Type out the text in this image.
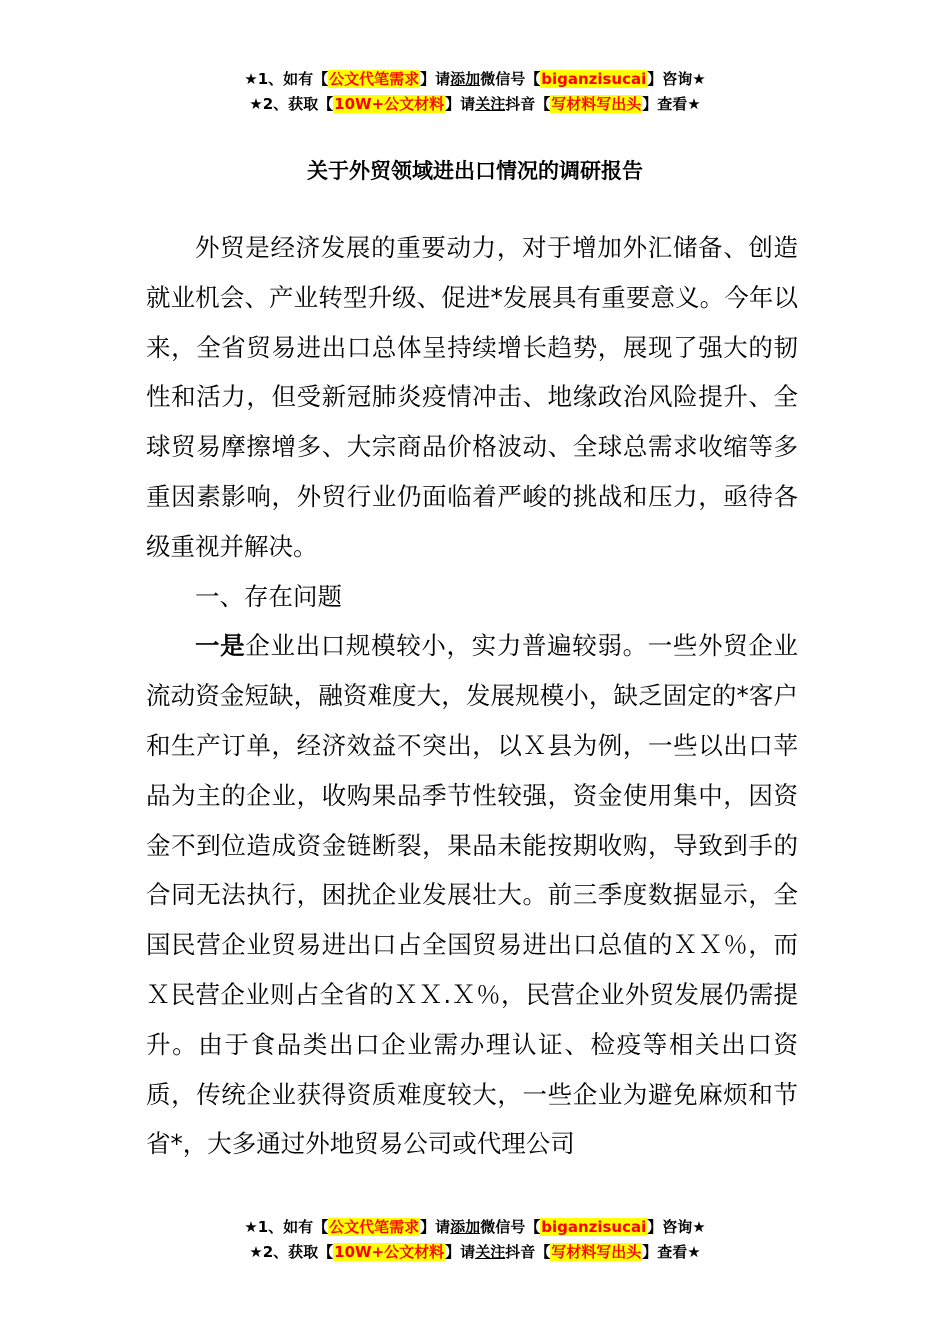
★1、如有【公文代笔需求】请添加微信号【biganzisucai】咨询★
★2、获取【10W+公文材料】请关注抖音【写材料写出头】查看★
关于外贸领域进出口情况的调研报告

外贸是经济发展的重要动力，对于增加外汇储备、创造就业机会、产业转型升级、促进*发展具有重要意义。今年以来，全省贸易进出口总体呈持续增长趋势，展现了强大的韧性和活力，但受新冠肺炎疫情冲击、地缘政治风险提升、全球贸易摩擦增多、大宗商品价格波动、全球总需求收缩等多重因素影响，外贸行业仍面临着严峻的挑战和压力，亟待各级重视并解决。

一、存在问题

一是企业出口规模较小，实力普遍较弱。一些外贸企业流动资金短缺，融资难度大，发展规模小，缺乏固定的*客户和生产订单，经济效益不突出，以Ｘ县为例，一些以出口苹品为主的企业，收购果品季节性较强，资金使用集中，因资金不到位造成资金链断裂，果品未能按期收购，导致到手的合同无法执行，困扰企业发展壮大。前三季度数据显示，全国民营企业贸易进出口占全国贸易进出口总值的ＸＸ％，而Ｘ民营企业则占全省的ＸＸ.Ｘ％，民营企业外贸发展仍需提升。由于食品类出口企业需办理认证、检疫等相关出口资质，传统企业获得资质难度较大，一些企业为避免麻烦和节省*，大多通过外地贸易公司或代理公司

★1、如有【公文代笔需求】请添加微信号【biganzisucai】咨询★
★2、获取【10W+公文材料】请关注抖音【写材料写出头】查看★
